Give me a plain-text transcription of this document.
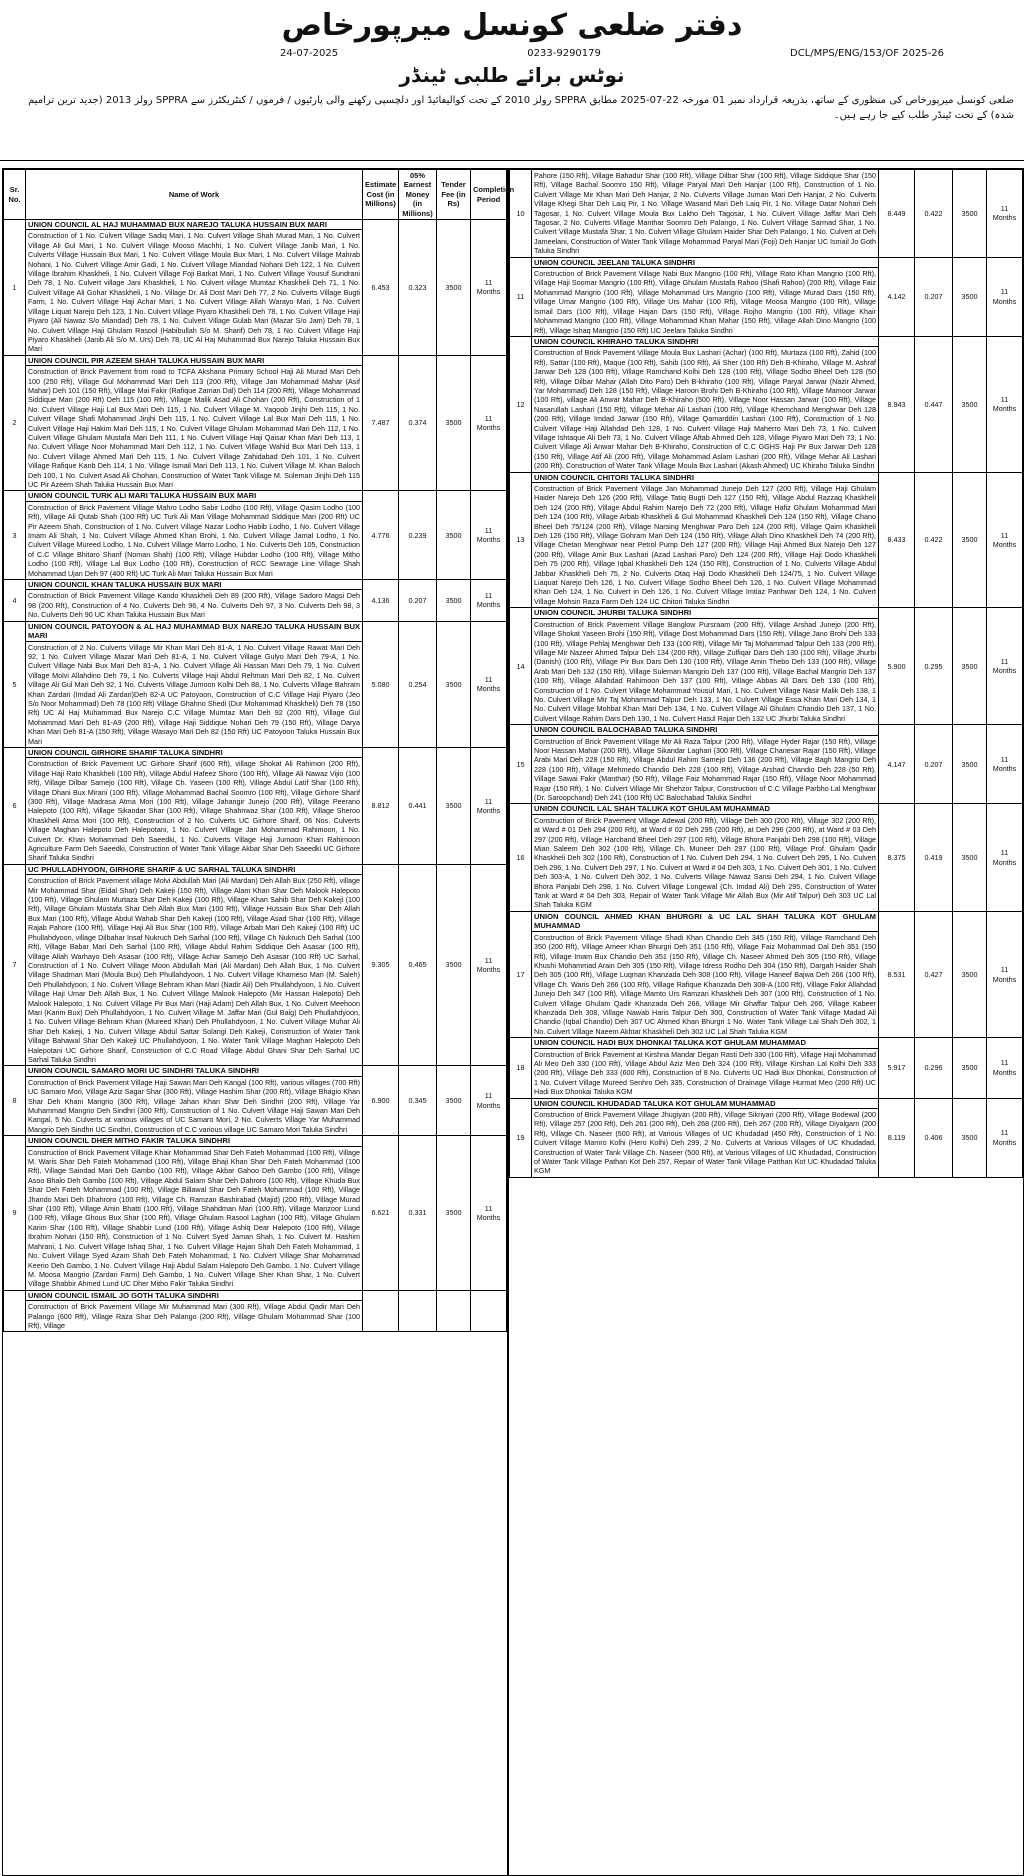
دفتر ضلعی کونسل میرپورخاص
24-07-2025	0233-9290179	DCL/MPS/ENG/153/OF 2025-26
نوٹس برائے طلبی ٹینڈر
ضلعی کونسل میرپورخاص کی منظوری کے ساتھ، بذریعہ قرارداد نمبر 01 مورخہ 22-07-2025 مطابق SPPRA رولز 2010 کے تحت کوالیفائیڈ اور دلچسپی رکھنے والی پارٹیوں / فرموں / کنٹریکٹرز سے SPPRA رولز 2013 (جدید ترین ترامیم شدہ) کے تحت ٹینڈر طلب کیے جا رہے ہیں۔
Sr. No.	Name of Work	Estimate Cost (in Millions)	05% Earnest Money (in Millions)	Tender Fee (in Rs)	Completion Period
1	UNION COUNCIL AL HAJ MUHAMMAD BUX NAREJO TALUKA HUSSAIN BUX MARI
Construction of 1 No. Culvert Village Sadiq Mari, 1 No. Culvert Village Shah Murad Mari, 1 No. Culvert Village Ali Gul Mari, 1 No. Culvert Village Mooso Machhi, 1 No. Culvert Village Janib Mari, 1 No. Culverts Village Hussain Bux Mari, 1 No. Culvert Village Moula Bux Mari, 1 No. Culvert Village Mahrab Nohani, 1 No. Culvert Village Amir Gadi, 1 No. Culvert Village Miandad Nohani Deh 122, 1 No. Culvert Village Ibrahim Khaskheli, 1 No. Culvert Village Foji Barkat Mari, 1 No. Culvert Village Yousuf Sundrani Deh 78, 1 No. Culvert village Jani Khaskheli, 1 No. Culvert village Mumtaz Khaskheli Deh 71, 1 No. Culvert Village Ali Gohar Khaskheli, 1 No. Village Dr. Ali Dost Mari Deh 77, 2 No. Culverts Village Bugti Farm, 1 No. Culvert Village Haji Achar Mari, 1 No. Culvert Village Allah Warayo Mari, 1 No. Culvert Village Liquat Narejo Deh 123, 1 No. Culvert Village Piyaro Khaskheli Deh 78, 1 No. Culvert Village Haji Piyaro (Ali Nawaz S/o Miandad) Deh 78, 1 No. Culvert Village Gulab Mari (Mazar S/o Jam) Deh 78, 1 No. Culvert Village Haji Ghulam Rasool (Habibullah S/o M. Sharif) Deh 78, 1 No. Culvert Village Haji Piyaro Khaskheli (Janib Ali S/o M. Urs) Deh 78, UC Al Haj Muhammad Bux Narejo Taluka Hussain Bux Mari	6.453	0.323	3500	11 Months
2	UNION COUNCIL PIR AZEEM SHAH TALUKA HUSSAIN BUX MARI
Construction of Brick Pavement from road to TCFA Akshana Primary School Haji Ali Murad Mari Deh 100 (250 Rft), Village Gul Mohammad Mari Deh 113 (200 Rft), Village Jan Mohammad Mahar (Asif Mahar) Deh 101 (150 Rft), Village Mai Fakir (Rafique Zaman Dal) Deh 114 (200 Rft), Village Mohammad Siddique Mari (200 Rft) Deh 115 (100 Rft), Village Malik Asad Ali Chohan (200 Rft), Construction of 1 No. Culvert Village Haji Lal Bux Mari Deh 115, 1 No. Culvert Village M. Yaqoob Jinjhi Deh 115, 1 No. Culvert Village Shafi Mohammad Jinjhi Deh 115, 1 No. Culvert Village Lal Bux Mari Deh 115, 1 No. Culvert Village Haji Hakim Mari Deh 115, 1 No. Culvert Village Ghulam Mohammad Mari Deh 112, 1 No. Culvert Village Ghulam Mustafa Mari Deh 111, 1 No. Culvert Village Haji Qaisar Khan Mari Deh 113, 1 No. Culvert Village Noor Mohammad Mari Deh 112, 1 No. Culvert Village Wahid Bux Mari Deh 113, 1 No. Culvert Village Ahmed Mari Deh 115, 1 No. Culvert Village Zahidabad Deh 101, 1 No. Culvert Village Rafique Kanb Deh 114, 1 No. Village Ismail Mari Deh 113, 1 No. Culvert Village M. Khan Baloch Deh 100, 1 No. Culvert Asad Ali Chohan, Construction of Water Tank Village M. Suleman Jinjhi Deh 115 UC Pir Azeem Shah Taluka Hussain Bux Mari	7.487	0.374	3500	11 Months
3	UNION COUNCIL TURK ALI MARI TALUKA HUSSAIN BUX MARI
Construction of Brick Pavement Village Mahro Lodho Sabir Lodho (100 Rft), Village Qasim Lodho (100 Rft), Village Ali Qutab Shah (100 Rft) UC Turk Ali Mari Village Mohammad Siddique Mari (200 Rft) UC Pir Azeem Shah, Construction of 1 No. Culvert Village Nazar Lodho Habib Lodho, 1 No. Culvert Village Imam Ali Shah, 1 No. Culvert Village Ahmed Khan Brohi, 1 No. Culvert Village Jamal Lodho, 1 No. Culvert Village Mureed Lodho, 1 No. Culvert Village Marro Lodho, 1 No. Culverts Deh 105, Construction of C.C Village Bhitaro Sharif (Noman Shah) (100 Rft), Village Hubdar Lodho (100 Rft), Village Mitho Lodho (100 Rft), Village Lal Bux Lodho (100 Rft), Construction of RCC Sewrage Line Village Shah Mohammad Ujan Deh 97 (400 Rft) UC Turk Ali Mari Taluka Hussain Bux Mari	4.776	0.239	3500	11 Months
4	UNION COUNCIL KHAN TALUKA HUSSAIN BUX MARI
Construction of Brick Pavement Village Kando Khaskheli Deh 89 (200 Rft), Village Sadoro Magsi Deh 98 (200 Rft), Construction of 4 No. Culverts Deh 96, 4 No. Culverts Deh 97, 3 No. Culverts Deh 98, 3 No. Culverts Deh 90 UC Khan Taluka Hussain Bux Mari	4.136	0.207	3500	11 Months
5	UNION COUNCIL PATOYOON & AL HAJ MUHAMMAD BUX NAREJO TALUKA HUSSAIN BUX MARI
Construction of 2 No. Culverts Village Mir Khan Mari Deh 81-A, 1 No. Culvert Village Rawat Mari Deh 92, 1 No. Culvert Village Mazar Mari Deh 81-A, 1 No. Culvert Village Gulyo Mari Deh 79-A, 1 No. Culvert Village Nabi Bux Mari Deh 81-A, 1 No. Culvert Village Ali Hassan Mari Deh 79, 1 No. Culvert Village Molvi Allahdino Deh 79, 1 No. Culverts Village Haji Abdul Rehman Mari Deh 82, 1 No. Culvert Village Ali Gul Mari Deh 92, 1 No. Culverts Village Jumoon Kolhi Deh 88, 1 No. Culverts Village Bahram Khan Zardari (Imdad Ali Zardari)Deh 82-A UC Patoyoon, Construction of C.C Village Haji Piyaro (Jeo S/o Noor Mohammad) Deh 78 (100 Rft) Village Ghahno Shedi (Dur Mohammad Khaskheli) Deh 78 (150 Rft) UC Al Haj Muhammad Bux Narejo C.C Village Mumtaz Mari Deh 92 (200 Rft), Village Gul Mohammad Mari Deh 81-A9 (200 Rft), Village Haji Siddique Nohari Deh 79 (150 Rft), Village Darya Khan Mari Deh 81-A (150 Rft), Village Wasayo Mari Deh 82 (150 Rft) UC Patoyoon Taluka Hussain Bux Mari	5.080	0.254	3500	11 Months
6	UNION COUNCIL GIRHORE SHARIF TALUKA SINDHRI
Construction of Brick Pavement UC Girhore Sharif (600 Rft), village Shokat Ali Rahimon (200 Rft), Village Haji Rato Khaskheli (100 Rft), Village Abdul Hafeez Shoro (100 Rft), Village Ali Nawaz Vijio (100 Rft), Village Dilbar Samejo (100 Rft), Village Ch. Yaseen (100 Rft), Village Abdul Latif Shar (100 Rft), Village Dhani Bux Mirani (100 Rft), Village Mohammad Bachal Soomro (100 Rft), Village Girhore Sharif (300 Rft), Village Madrasa Atma Mori (100 Rft), Village Jahangir Junejo (200 Rft), Village Peerano Halepoto (100 Rft), Village Sikandar Shar (100 Rft), Village Shahnwaz Shar (100 Rft), Village Sheroo Khaskheli Atma Mori (100 Rft), Construction of 2 No. Culverts UC Girhore Sharif, 06 Nos. Culverts Village Maghan Halepoto Deh Halepotani, 1 No. Culvert Village Jan Mohammad Rahimoon, 1 No. Culvert Dr. Khan Mohammad Deh Saeedki, 1 No. Culverts Village Haji Jumoon Khan Rahimoon Agriculture Farm Deh Saeedki, Construction of Water Tank Village Akbar Shar Deh Saeedki UC Girhore Sharif Taluka Sindhri	8.812	0.441	3500	11 Months
7	UC PHULLADHYOON, GIRHORE SHARIF & UC SARHAL TALUKA SINDHRI
Construction of Brick Pavement village Molvi Abdullah Mari (Ali Mardan) Deh Allah Bux (250 Rft), village Mir Mohammad Shar (Eidal Shar) Deh Kakeji (150 Rft), Village Alam Khan Shar Deh Malook Halepoto (100 Rft), Village Ghulam Murtaza Shar Deh Kakeji (100 Rft), Village Khan Sahib Shar Deh Kakeji (100 Rft), Village Ghulam Mustafa Shar Deh Allah Bux Mari (100 Rft), Village Hussain Bux Shar Deh Allah Bux Mari (100 Rft), Village Abdul Wahab Shar Deh Kakeji (100 Rft), Village Asad Shar (100 Rft), Village Rajab Pahore (100 Rft), Village Haji Ali Bux Shar (100 Rft), Village Arbab Mari Deh Kakeji (100 Rft) UC Phullahdyoon, village Dilbahar Insaf Nukruch Deh Sarhal (100 Rft), Village Ch Nukruch Deh Sarhal (100 Rft), Village Babar Mari Deh Sarhal (100 Rft), Village Abdul Rahim Siddique Deh Asasar (100 Rft), Village Allah Warhayo Deh Asasar (100 Rft), Village Achar Samejo Deh Asasar (100 Rft) UC Sarhal, Construction of 1 No. Culvert Village Moon Abdullah Mari (Ali Mardan) Deh Allah Bux, 1 No. Culvert Village Shadman Mari (Moula Bux) Deh Phullahdyoon, 1 No. Culvert Village Khameso Mari (M. Saleh) Deh Phullahdyoon, 1 No. Culvert Village Behram Khan Mari (Nadir Ali) Deh Phullahdyoon, 1 No. Culvert Village Haji Umar Deh Allah Bux, 1 No. Culvert Village Malook Halepoto (Mir Hassan Halepoto) Deh Malook Halepoto, 1 No. Culvert Village Pir Bux Mari (Haji Adam) Deh Allah Bux, 1 No. Culvert Meehoon Mari (Karim Bux) Deh Phullahdyoon, 1 No. Culvert Village M. Jaffar Mari (Gul Baig) Deh Phullahdyoon, 1 No. Culvert Village Behram Khan (Mureed Khan) Deh Phullahdyoon, 1 No. Culvert Village Muhar Ali Shar Deh Kakeji, 1 No. Culvert Village Abdul Sattar Solangi Deh Kakeji, Construction of Water Tank Village Bahawal Shar Deh Kakeji UC Phullahdyoon, 1 No. Water Tank Village Maghan Halepoto Deh Halepotani UC Girhore Sharif, Construction of C.C Road Village Abdul Ghani Shar Deh Sarhal UC Sarhal Taluka Sindhri	9.305	0.465	3500	11 Months
8	UNION COUNCIL SAMARO MORI UC SINDHRI TALUKA SINDHRI
Construction of Brick Pavement Village Haji Sawan Mari Deh Kangal (100 Rft), various villages (700 Rft) UC Samaro Mori, Village Aziz Sagar Shar (300 Rft), Village Hashim Shar (200 Rft), Village Bhagio Khan Shar Deh Khani Mangrio (300 Rft), Village Jahan Khan Shar Deh Sindhri (200 Rft), Village Yar Muhammad Mangrio Deh Sindhri (300 Rft), Construction of 1 No. Culvert Village Haji Sawan Mari Deh Kangal, 5 No. Culverts at various villages of UC Samaro Mori, 2 No. Culverts Village Yar Muhammad Mangrio Deh Sindhri UC Sindhri, Construction of C.C various village UC Samaro Mori Taluka Sindhri	6.900	0.345	3500	11 Months
9	UNION COUNCIL DHER MITHO FAKIR TALUKA SINDHRI
Construction of Brick Pavement Village Khair Mohammad Shar Deh Fateh Mohammad (100 Rft), Village M. Waris Shar Deh Fateh Mohammad (100 Rft), Village Bhaji Khan Shar Deh Fateh Mohammad (100 Rft), Village Saindad Mari Deh Gambo (100 Rft), Village Akbar Gahoo Deh Gambo (100 Rft), Village Asoo Bhalo Deh Gambo (100 Rft), Village Abdul Salam Shar Deh Dahroro (100 Rft), Village Khuda Bux Shar Deh Fateh Mohammad (100 Rft), Village Billawal Shar Deh Fateh Mohammad (100 Rft), Village Jhando Mari Deh Dhahroro (100 Rft), Village Ch. Ramzan Bashirabad (Majid) (200 Rft), Village Murad Shar (100 Rft), Village Amin Bhatti (100 Rft), Village Shahdman Mari (100 Rft), Village Manzoor Lund (100 Rft), Village Ghous Bux Shar (100 Rft), Village Ghulam Rasool Laghari (100 Rft), Village Ghulam Karim Shar (100 Rft), Village Shabbir Lund (100 Rft), Village Ashiq Dear Halepoto (100 Rft), Village Ibrahim Nohari (150 Rft), Construction of 1 No. Culvert Syed Jaman Shah, 1 No. Culvert M. Hashim Mahrani, 1 No. Culvert Village Ishaq Shar, 1 No. Culvert Village Hajan Shah Deh Fateh Mohammad, 1 No. Culvert Village Syed Azam Shah Deh Fateh Mohammad, 1 No. Culvert Village Shar Mohammad Keerio Deh Gambo, 1 No. Culvert Village Haji Abdul Salam Halepoto Deh Gambo, 1 No. Culvert Village M. Moosa Mangrio (Zardari Farm) Deh Gambo, 1 No. Culvert Village Sher Khan Shar, 1 No. Culvert Village Shabbir Ahmed Lund UC Dher Mitho Fakir Taluka Sindhri	6.621	0.331	3500	11 Months

	UNION COUNCIL ISMAIL JO GOTH TALUKA SINDHRI
Construction of Brick Pavement Village Mir Muhammad Mari (300 Rft), Village Abdul Qadir Mari Deh Palango (600 Rft), Village Raza Shar Deh Palango (200 Rft), Village Ghulam Mohammad Shar (100 Rft), Village				
10	Pahore (150 Rft), Village Bahadur Shar (100 Rft), Village Dilbar Shar (100 Rft), Village Siddique Shar (150 Rft), Village Bachal Soomro 150 Rft), Village Paryal Mari Deh Hanjar (100 Rft), Construction of 1 No. Culvert Village Mir Khan Mari Deh Hanjar, 2 No. Culverts Village Juman Mari Deh Hanjar, 2 No. Culverts Village Khegi Shar Deh Laiq Pir, 1 No. Village Wasand Mari Deh Laiq Pir, 1 No. Village Datar Nohari Deh Tagosar, 1 No. Culvert Village Moula Bux Lakho Deh Tagosar, 1 No. Culvert Village Jaffar Mari Deh Tagosar, 2 No. Culverts Village Manthar Soomro Deh Palango, 1 No. Culvert Village Sarmad Shar, 1 No. Culvert Village Mustafa Shar, 1 No. Culvert Village Ghulam Haider Shar Deh Palango, 1 No. Culvert at Deh Jameelani, Construction of Water Tank Village Mohammad Paryal Mari (Foji) Deh Hanjar UC Ismail Jo Goth Taluka Sindhri	8.449	0.422	3500	11 Months
11	UNION COUNCIL JEELANI TALUKA SINDHRI
Construction of Brick Pavement Village Nabi Bux Mangrio (100 Rft), Village Rato Khan Mangrio (100 Rft), Village Haji Soomar Mangrio (100 Rft), Village Ghulam Mustafa Rahoo (Shafi Rahoo) (200 Rft), Village Faiz Mohammad Mangrio (100 Rft), Village Mohammad Urs Mangrio (100 Rft), Village Murad Dars (150 Rft), Village Umar Mangrio (100 Rft), Village Urs Mahar (100 Rft), Village Moosa Mangrio (100 Rft), Village Ismail Dars (100 Rft), Village Hajan Dars (150 Rft), Village Rojho Mangrio (100 Rft), Village Khair Mohammad Mangrio (100 Rft), Village Mohammad Khan Mahar (150 Rft), Village Allah Dino Mangrio (100 Rft), Village Ishaq Mangrio (150 Rft) UC Jeelani Taluka Sindhri	4.142	0.207	3500	11 Months
12	UNION COUNCIL KHIRAHO TALUKA SINDHRI
Construction of Brick Pavement Village Moula Bux Lashari (Achar) (100 Rft), Murtaza (100 Rft), Zahid (100 Rft), Sattar (100 Rft), Maque (100 Rft), Sahib (100 Rft), Ali Sher (100 Rft) Deh B-Khiraho, Village M. Ashraf Jarwar Deh 128 (100 Rft), Village Ramchand Kolhi Deh 128 (100 Rft), Village Sodho Bheel Deh 128 (50 Rft), Village Dilbar Mahar (Allah Dito Paro) Deh B-khiraho (100 Rft), Village Paryal Jarwar (Nazir Ahmed, Yar Mohammad) Deh 128 (150 Rft), Village Haroon Brohi Deh B-Khiraho (100 Rft), Village Mamoor Jarwar (100 Rft), village Ali Anwar Mahar Deh B-Khiraho (500 Rft), Village Noor Hassan Jarwar (100 Rft), Village Nasarullah Lashari (150 Rft), Village Mehar Ali Lashari (100 Rft), Village Khemchand Menghwar Deh 128 (200 Rft), Village Imdad Jarwar (150 Rft), Village Qamarddin Lashari (100 Rft), Construction of 1 No. Culvert Village Haji Allahdad Deh 128, 1 No. Culvert Village Haji Maherro Mari Deh 73, 1 No. Culvert Village Ishtaque Ali Deh 73, 1 No. Culvert Village Aftab Ahmed Deh 128, Village Piyaro Mari Deh 73, 1 No. Culvert Village Ali Anwar Mahar Deh B-Khiraho, Construction of C.C GGHS Haji Pir Bux Jarwar Deh 128 (150 Rft), Village Atif Ali (200 Rft), Village Mohammad Aslam Lashari (200 Rft), Village Mehar Ali Lashari (200 Rft), Construction of Water Tank Village Moula Bux Lashari (Akash Ahmed) UC Khiraho Taluka Sindhri	8.943	0.447	3500	11 Months
13	UNION COUNCIL CHITORI TALUKA SINDHRI
Construction of Brick Pavement Village Jan Mohammad Junejo Deh 127 (200 Rft), Village Haji Ghulam Haider Narejo Deh 126 (200 Rft), Village Tatiq Bugti Deh 127 (150 Rft), Village Abdul Razzaq Khaskheli Deh 124 (200 Rft), Village Abdul Rahim Narejo Deh 72 (200 Rft), Village Hafiz Ghulam Mohammad Mari Deh 124 (100 Rft), Village Arbab Khaskheli & Gul Mohammad Khaskheli Deh 124 (150 Rft), Village Chano Bheel Deh 75/124 (200 Rft), Village Narsing Menghwar Paro Deh 124 (200 Rft), Village Qaim Khaskheli Deh 126 (150 Rft), Village Gohram Mari Deh 124 (150 Rft), Village Allah Dino Khaskheli Deh 74 (200 Rft), Village Chetan Menghwar near Petrol Pump Deh 127 (200 Rft), Village Haji Ahmed Bux Narejo Deh 127 (200 Rft), Village Amir Bux Lashari (Azad Lashari Paro) Deh 124 (200 Rft), Village Haji Dodo Khaskheli Deh 75 (200 Rft), Village Iqbal Khaskheli Deh 124 (150 Rft), Construction of 1 No. Culverts Village Abdul Jabbar Khaskheli Deh 75, 2 No. Culverts Otaq Haji Dodo Khaskheli Deh 124/75, 1 No. Culvert Village Liaquat Narejo Deh 126, 1 No. Culvert Village Sodho Bheel Deh 126, 1 No. Culvert Village Mohammad Khan Deh 124, 1 No. Culvert in Deh 126, 1 No. Culvert Village Imtiaz Panhwar Deh 124, 1 No. Culvert Village Mohsin Raza Farm Deh 124 UC Chitori Taluka Sindhri	8.433	0.422	3500	11 Months
14	UNION COUNCIL JHURBI TALUKA SINDHRI
Construction of Brick Pavement Village Banglow Pursraam (200 Rft), Village Arshad Junejo (200 Rft), Village Shokat Yaseen Brohi (150 Rft), Village Dost Mohammad Dars (150 Rft), Village Jano Brohi Deh 133 (100 Rft), Village Pehlaj Menghwar Deh 133 (100 Rft), Village Mir Taj Mohammad Talpur Deh 133 (200 Rft), Village Mir Nazeer Ahmed Talpur Deh 134 (200 Rft), Village Zulfiqar Dars Deh 130 (100 Rft), Village Jhurbi (Danish) (100 Rft), Village Pir Bux Dars Deh 130 (100 Rft), Village Amin Thebo Deh 133 (100 Rft), Village Arab Mari Deh 132 (150 Rft), Village Suleman Mangrio Deh 137 (100 Rft), Village Bachal Mangrio Deh 137 (100 Rft), Village Allahdad Rahimoon Deh 137 (100 Rft), Village Abbas Ali Dars Deh 130 (100 Rft), Construction of 1 No. Culvert Village Mohammad Yousuf Mari, 1 No. Culvert Village Nasir Malik Deh 138, 1 No. Culvert Village Mir Taj Mohammad Talpur Deh 133, 1 No. Culvert Village Essa Khan Mari Deh 134, 1 No. Culvert Village Mohbat Khan Mari Deh 134, 1 No. Culvert Village Ali Ghulam Chandio Deh 137, 1 No. Culvert Village Rahim Dars Deh 130, 1 No. Culvert Hasul Rajar Deh 132 UC Jhurbi Taluka Sindhri	5.900	0.295	3500	11 Months
15	UNION COUNCIL BALOCHABAD TALUKA SINDHRI
Construction of Brick Pavement Village Mir Ali Raza Talpur (200 Rft), Village Hyder Rajar (150 Rft), Village Noor Hassan Mahar (200 Rft), Village Sikandar Laghari (300 Rft), Village Chanesar Rajar (150 Rft), Village Arabi Mari Deh 228 (150 Rft), Village Abdul Rahim Samejo Deh 136 (200 Rft), Village Bagh Mangrio Deh 228 (100 Rft), Village Mehmedo Chandio Deh 228 (100 Rft), Village Arshad Chandio Deh 228 (50 Rft), Village Sawai Fakir (Manthar) (50 Rft), Village Faiz Mohammad Rajar (150 Rft), Village Noor Mohammad Rajar (150 Rft), 1 No. Culvert Village Mir Shehzor Talpur, Construction of C.C Village Parbho Lal Menghwar (Dr. Saroopchand) Deh 241 (100 Rft) UC Balochabad Taluka Sindhri	4.147	0.207	3500	11 Months
16	UNION COUNCIL LAL SHAH TALUKA KOT GHULAM MUHAMMAD
Construction of Brick Pavement Village Adewal (200 Rft), Village Deh 300 (200 Rft), Village 302 (200 Rft), at Ward # 01 Deh 294 (200 Rft), at Ward # 02 Deh 295 (200 Rft), at Deh 296 (200 Rft), at Ward # 03 Deh 297 (200 Rft), Village Harchand Bheel Deh 297 (100 Rft), Village Bhora Panjabi Deh 298 (100 Rft), Village Mian Saleem Deh 302 (100 Rft), Village Ch. Muneer Deh 297 (100 Rft), Village Prof. Ghulam Qadir Khaskheli Deh 302 (100 Rft), Construction of 1 No. Culvert Deh 294, 1 No. Culvert Deh 295, 1 No. Culvert Deh 296, 1 No. Culvert Deh 297, 1 No. Culvert at Ward # 04 Deh 303, 1 No. Culvert Deh 301, 1 No. Culvert Deh 303-A, 1 No. Culvert Deh 302, 1 No. Culverts Village Nawaz Sansi Deh 294, 1 No. Culvert Village Bhora Panjabi Deh 298, 1 No. Culvert Village Longewal (Ch. Imdad Ali) Deh 295, Construction of Water Tank at Ward # 04 Deh 303, Repair of Water Tank Village Mir Allah Bux (Mir Atif Talpur) Deh 303 UC Lal Shah Taluka KGM	8.375	0.419	3500	11 Months
17	UNION COUNCIL AHMED KHAN BHURGRI & UC LAL SHAH TALUKA KOT GHULAM MUHAMMAD
Construction of Brick Pavement Village Shadi Khan Chandio Deh 345 (150 Rft), Village Ramchand Deh 350 (200 Rft), Village Ameer Khan Bhurgri Deh 351 (150 Rft), Village Faiz Mohammad Dal Deh 351 (150 Rft), Village Imam Bux Chandio Deh 351 (150 Rft), Village Ch. Naseer Ahmed Deh 305 (150 Rft), Village Khushi Mohammad Arain Deh 305 (150 Rft), Village Idress Rodho Deh 304 (150 Rft), Dargah Haider Shah Deh 305 (100 Rft), Village Luqman Khanzada Deh 308 (100 Rft), Village Haneef Bajwa Deh 266 (100 Rft), Village Ch. Waris Deh 266 (100 Rft), Village Rafique Khanzada Deh 308-A (100 Rft), Village Fakir Allahdad Junejo Deh 347 (100 Rft), Village Mamto Urs Ramzan Khaskheli Deh 307 (100 Rft), Construction of 1 No. Culvert Village Ghulam Qadir Khanzada Deh 266, Village Mir Ghaffar Talpur Deh 266, Village Kabeer Khanzada Deh 308, Village Nawab Haris Talpur Deh 300, Construction of Water Tank Village Madad Ali Chandio (Iqbal Chandio) Deh 307 UC Ahmed Khan Bhurgri 1 No. Water Tank Village Lal Shah Deh 302, 1 No. Culvert Village Naeem Akhtar Khaskheli Deh 302 UC Lal Shah Taluka KGM	8.531	0.427	3500	11 Months
18	UNION COUNCIL HADI BUX DHONKAI TALUKA KOT GHULAM MUHAMMAD
Construction of Brick Pavement at Kirshna Mandar Degan Rasti Deh 330 (100 Rft), Village Haji Mohammad Ali Meo Deh 330 (100 Rft), Village Abdul Aziz Meo Deh 324 (100 Rft), Village Kirshan Lal Kolhi Deh 333 (200 Rft), Village Deh 333 (600 Rft), Construction of 8 No. Culverts UC Hadi Bux Dhonkai, Construction of 1 No. Culvert Village Mureed Senhro Deh 335, Construction of Drainage Village Hurmat Meo (200 Rft) UC Hadi Bux Dhonkai Taluka KGM	5.917	0.296	3500	11 Months
19	UNION COUNCIL KHUDADAD TALUKA KOT GHULAM MUHAMMAD
Construction of Brick Pavement Village Jhugiyan (200 Rft), Village Sikriyari (200 Rft), Village Bodewal (200 Rft), Village 257 (200 Rft), Deh 261 (200 Rft), Deh 268 (200 Rft), Deh 267 (200 Rft), Village Diyalgarn (200 Rft), Village Ch. Naseer (500 Rft), at Various Villages of UC Khudadad (450 Rft), Construction of 1 No. Culvert Village Mamro Kolhi (Hero Kolhi) Deh 299, 2 No. Culverts at Various Villages of UC Khudadad, Construction of Water Tank Village Ch. Naseer (500 Rft), at Various Villages of UC Khudadad, Construction of Water Tank Village Pathan Kot Deh 257, Repair of Water Tank Village Patthan Kot UC Khudadad Taluka KGM	8.119	0.406	3500	11 Months
